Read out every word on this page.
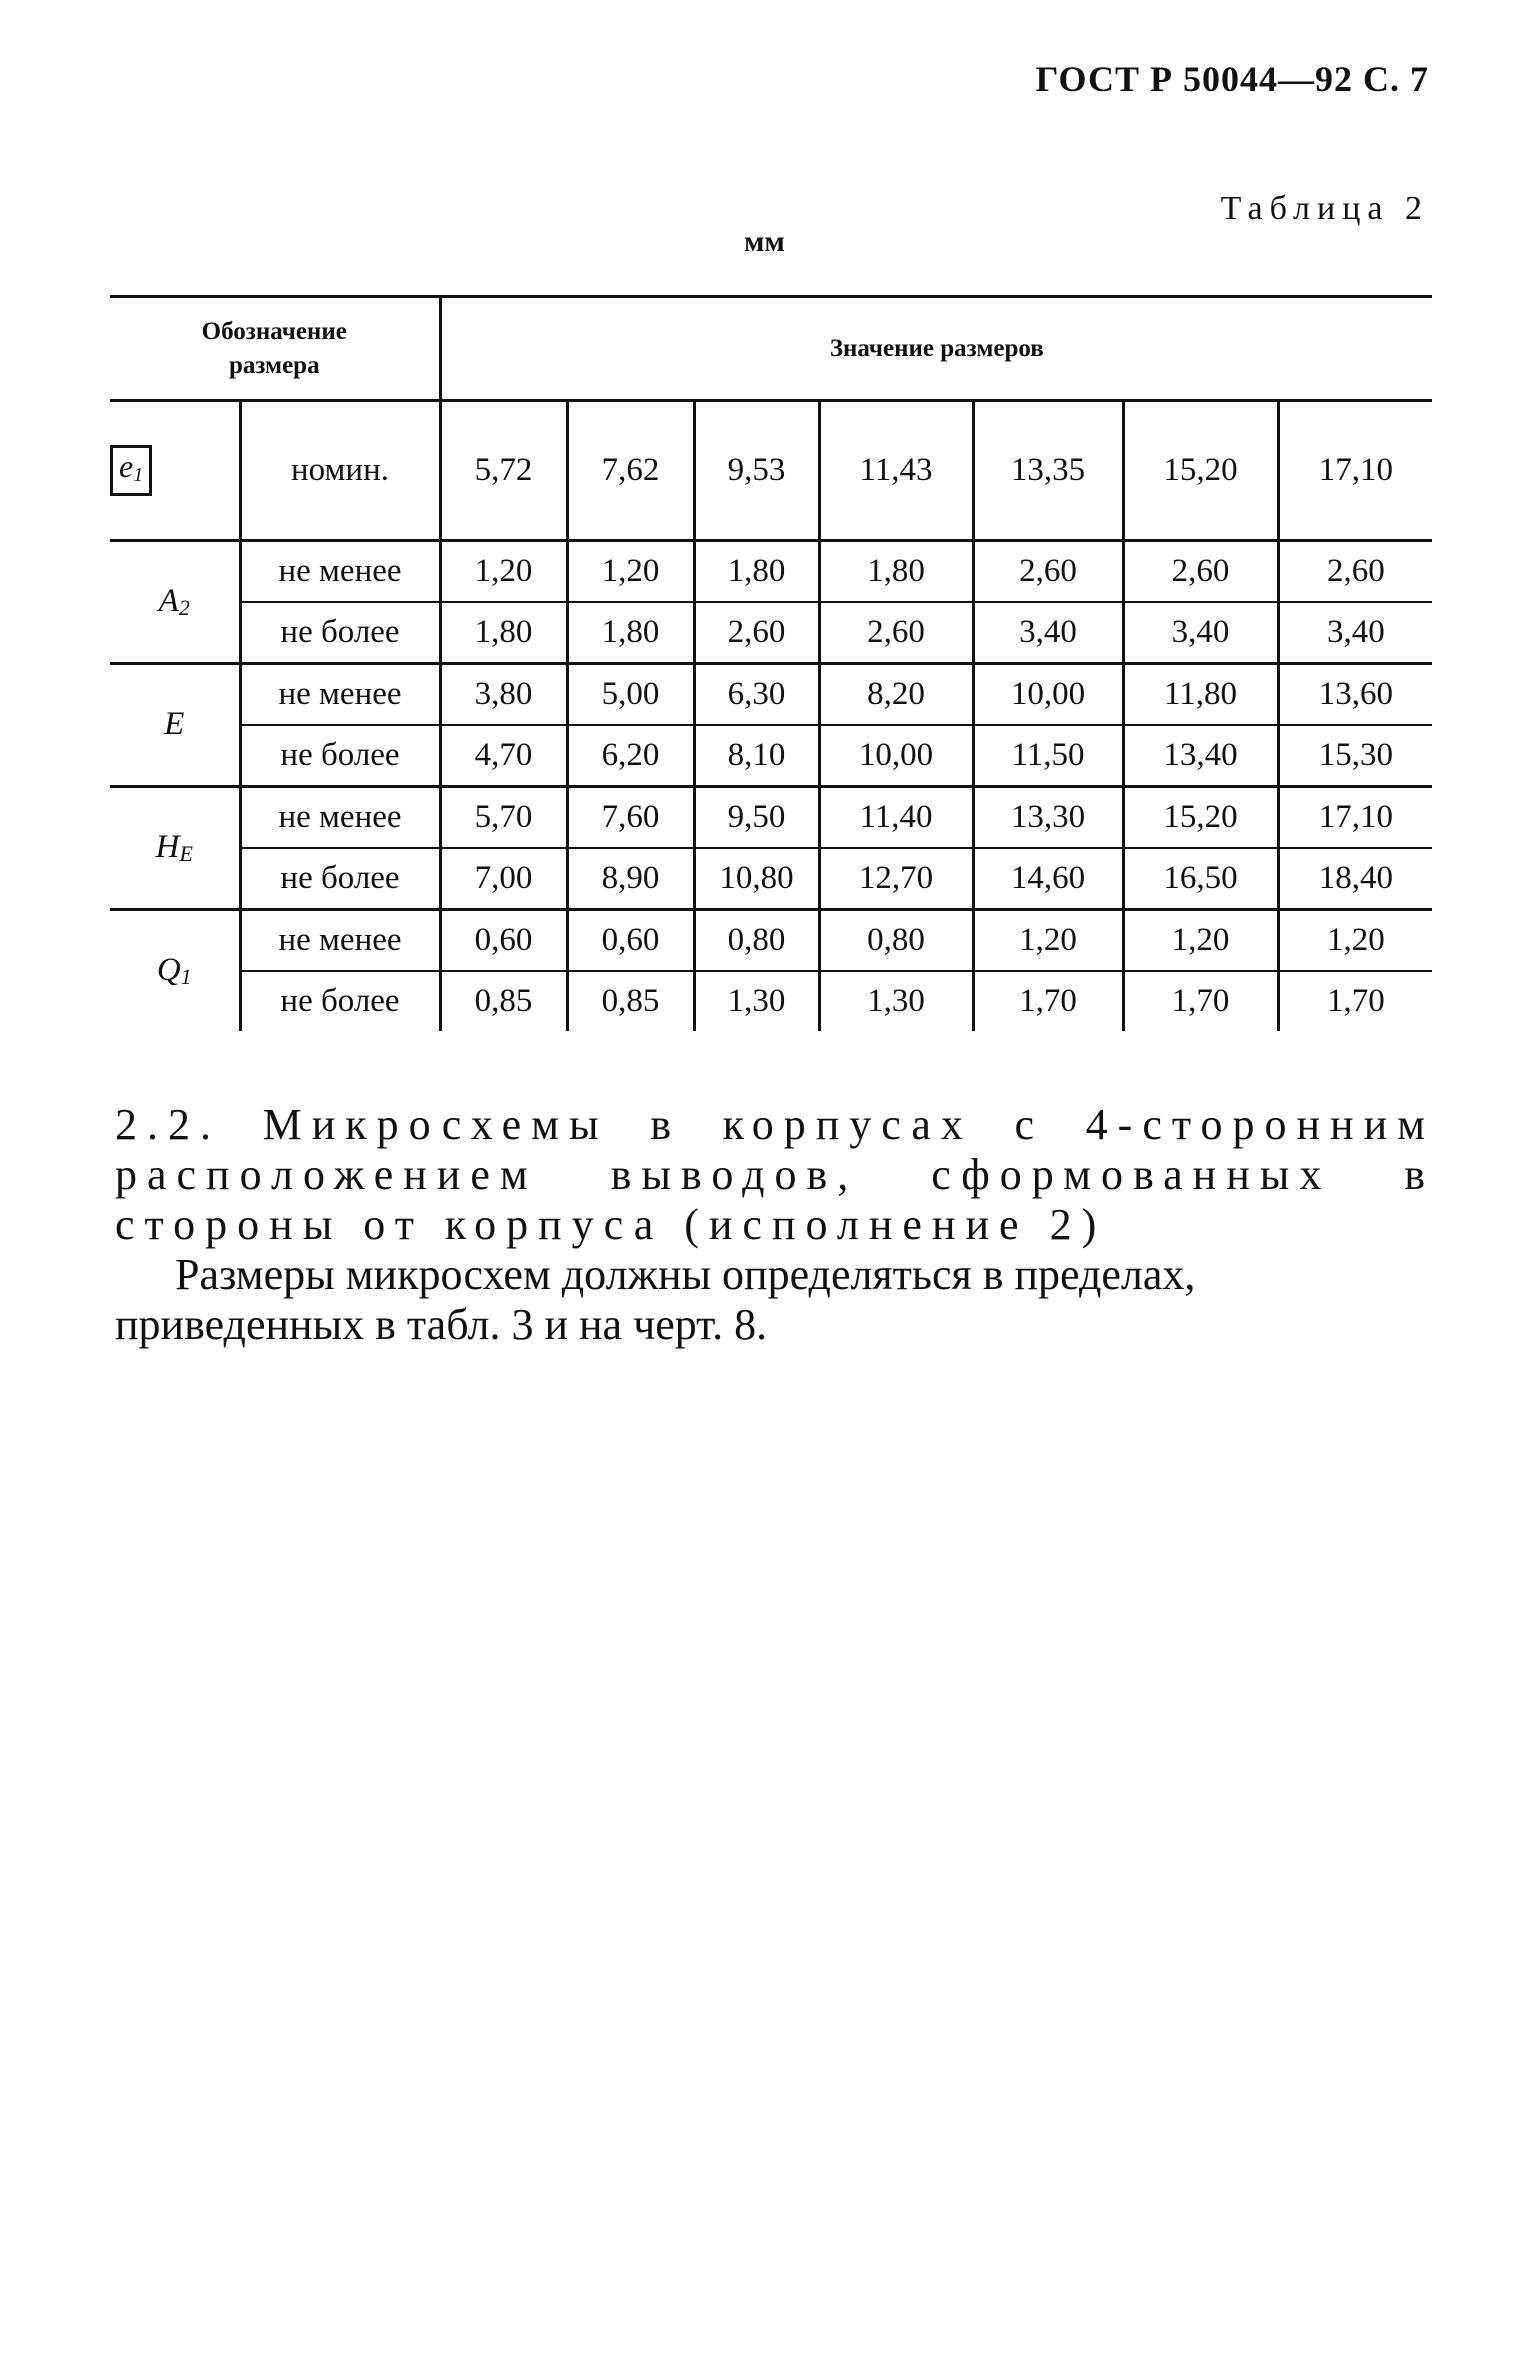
ГОСТ Р 50044—92 С. 7
Таблица 2
мм
Обозначение размера		Значение размеров						
$e_1$	номин.	5,72	7,62	9,53	11,43	13,35	15,20	17,10
$A_2$	не менее	1,20	1,20	1,80	1,80	2,60	2,60	2,60
	не более	1,80	1,80	2,60	2,60	3,40	3,40	3,40
E	не менее	3,80	5,00	6,30	8,20	10,00	11,80	13,60
	не более	4,70	6,20	8,10	10,00	11,50	13,40	15,30
$H_E$	не менее	5,70	7,60	9,50	11,40	13,30	15,20	17,10
	не более	7,00	8,90	10,80	12,70	14,60	16,50	18,40
$Q_1$	не менее	0,60	0,60	0,80	0,80	1,20	1,20	1,20
	не более	0,85	0,85	1,30	1,30	1,70	1,70	1,70
2.2. Микросхемы в корпусах с 4-сторонним расположением выводов, сформованных в стороны от корпуса (исполнение 2)
Размеры микросхем должны определяться в пределах, приведенных в табл. 3 и на черт. 8.
